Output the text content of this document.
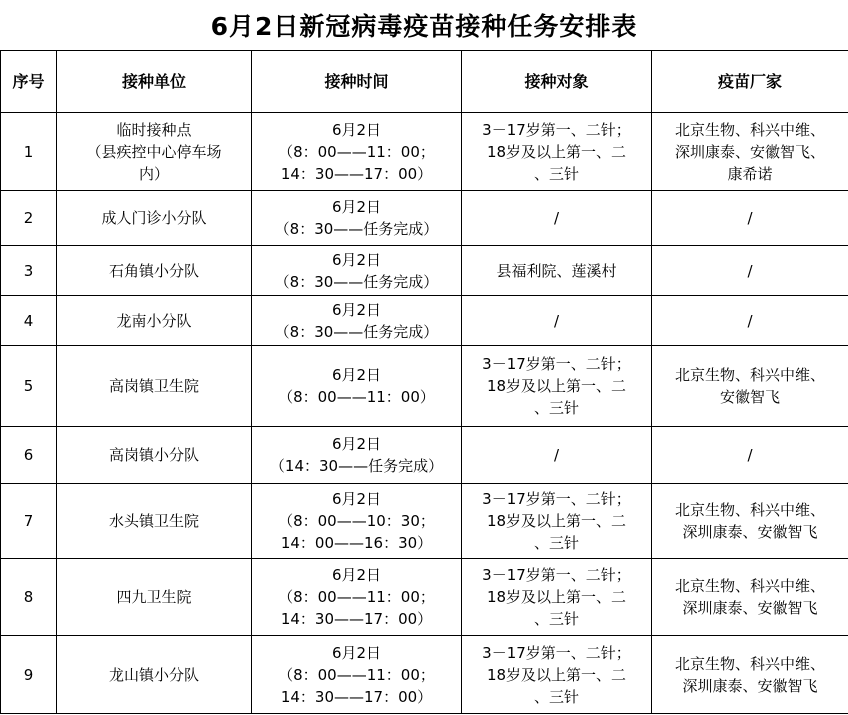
6月2日新冠病毒疫苗接种任务安排表
序号	接种单位	接种时间	接种对象	疫苗厂家
1	临时接种点
（县疾控中心停车场
内）	6月2日
（8：00——11：00；
14：30——17：00）	3－17岁第一、二针；
18岁及以上第一、二
、三针	北京生物、科兴中维、
深圳康泰、安徽智飞、
康希诺
2	成人门诊小分队	6月2日
（8：30——任务完成）	/	/
3	石角镇小分队	6月2日
（8：30——任务完成）	县福利院、莲溪村	/
4	龙南小分队	6月2日
（8：30——任务完成）	/	/
5	高岗镇卫生院	6月2日
（8：00——11：00）	3－17岁第一、二针；
18岁及以上第一、二
、三针	北京生物、科兴中维、
安徽智飞
6	高岗镇小分队	6月2日
（14：30——任务完成）	/	/
7	水头镇卫生院	6月2日
（8：00——10：30；
14：00——16：30）	3－17岁第一、二针；
18岁及以上第一、二
、三针	北京生物、科兴中维、
深圳康泰、安徽智飞
8	四九卫生院	6月2日
（8：00——11：00；
14：30——17：00）	3－17岁第一、二针；
18岁及以上第一、二
、三针	北京生物、科兴中维、
深圳康泰、安徽智飞
9	龙山镇小分队	6月2日
（8：00——11：00；
14：30——17：00）	3－17岁第一、二针；
18岁及以上第一、二
、三针	北京生物、科兴中维、
深圳康泰、安徽智飞
